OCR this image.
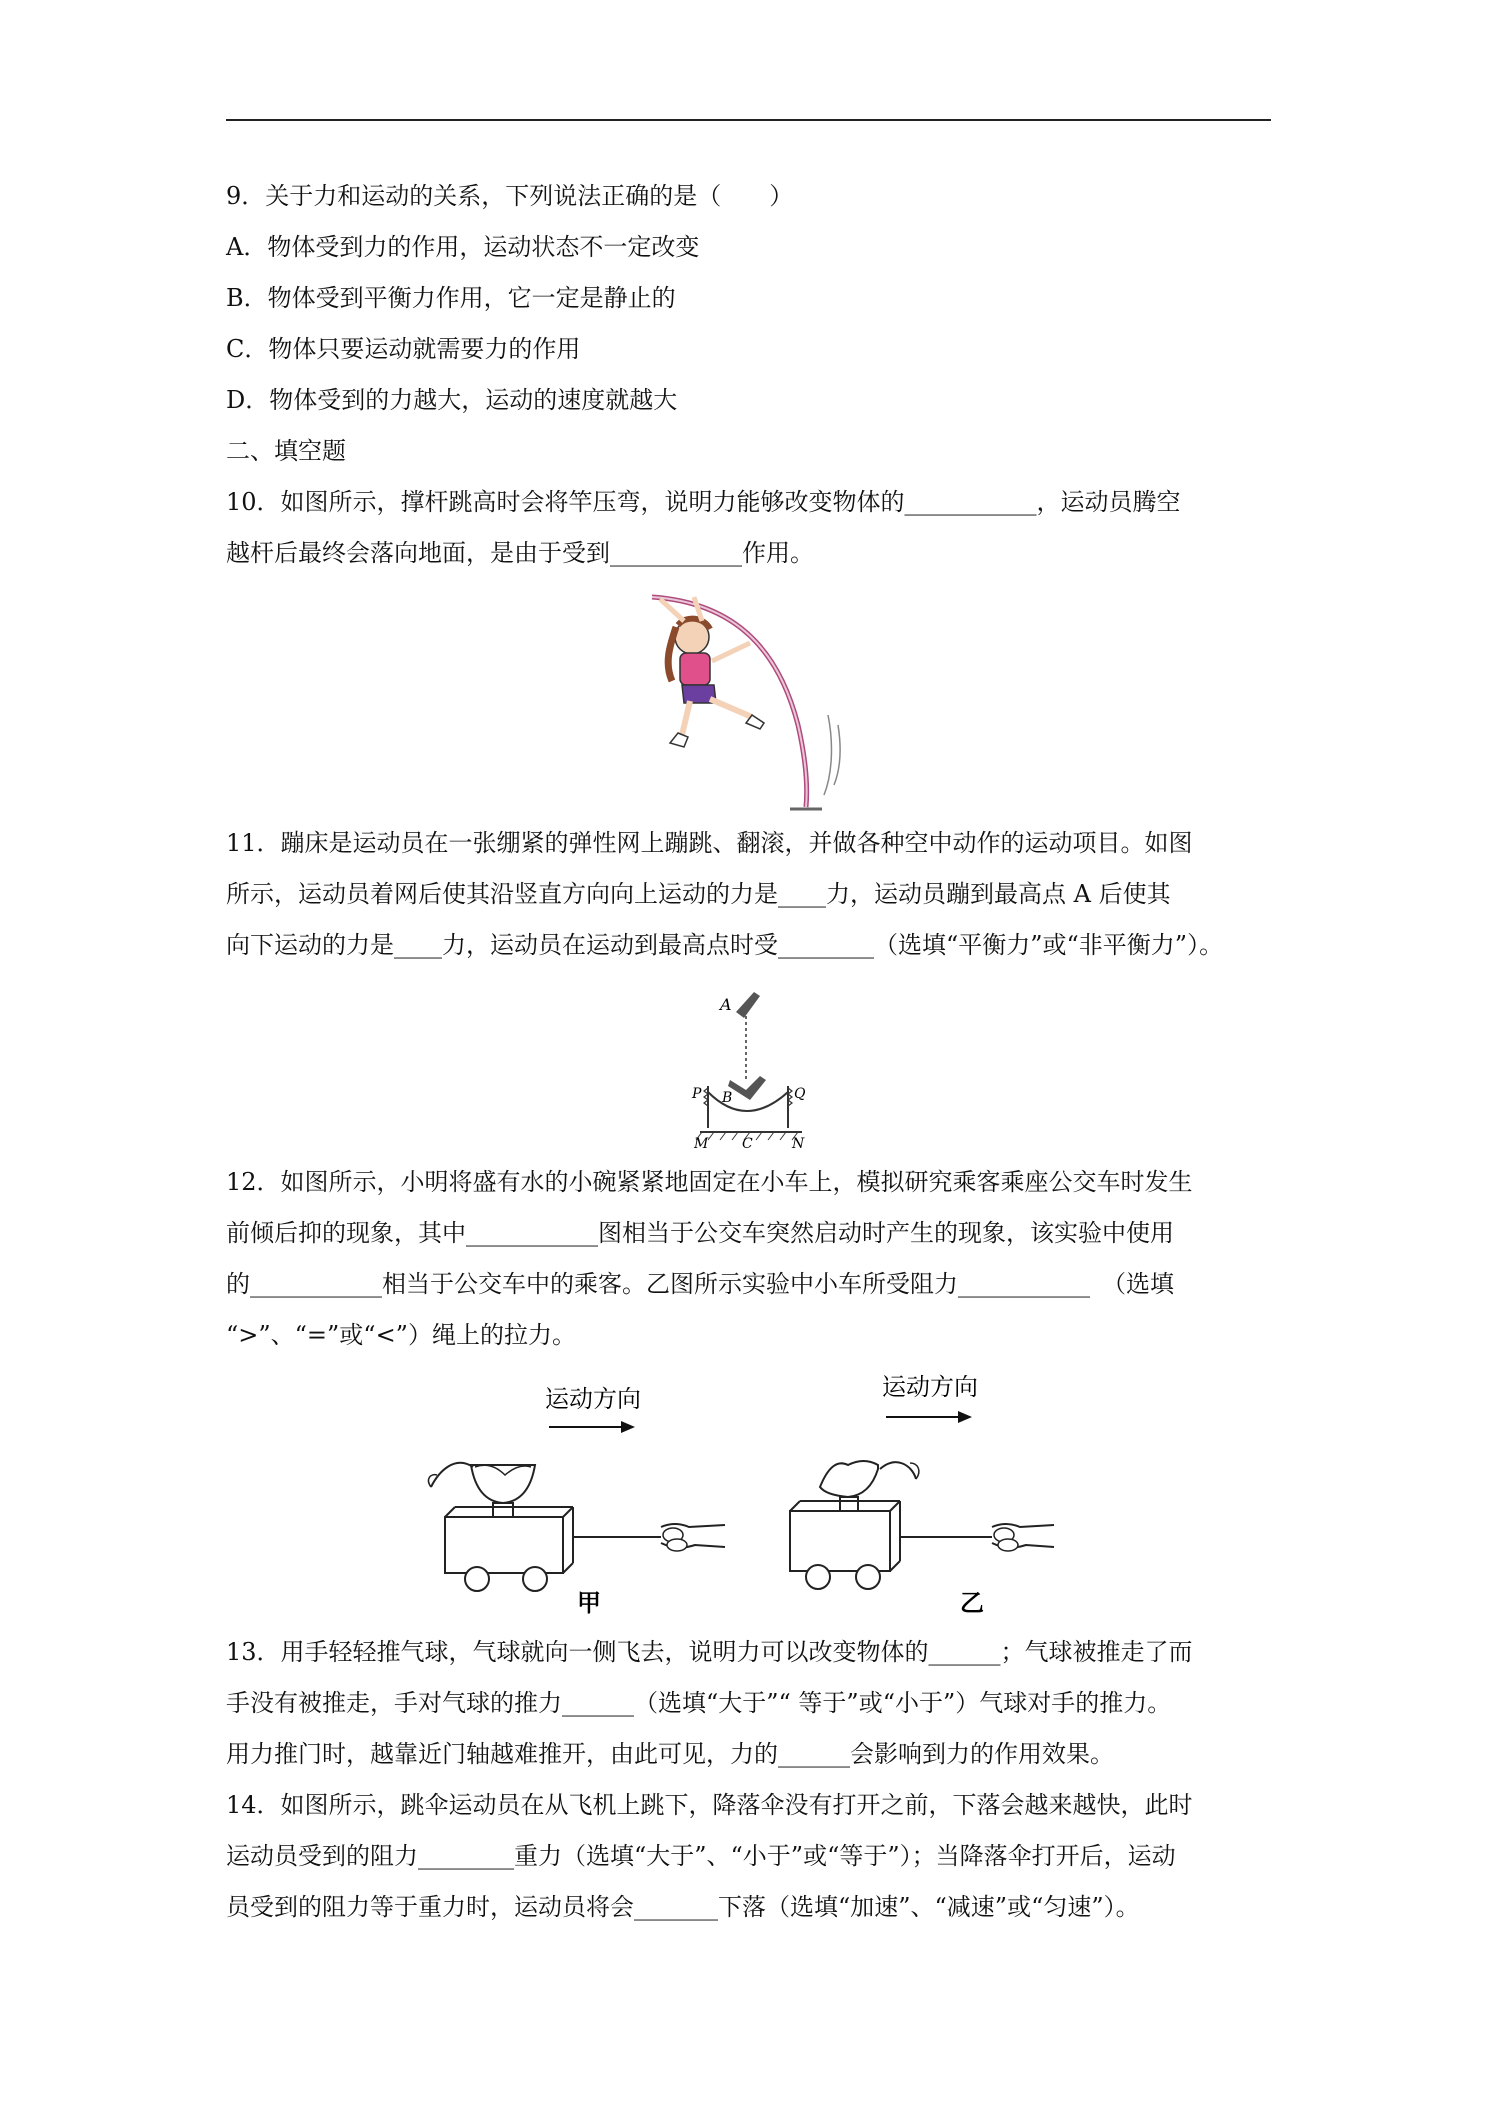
9．关于力和运动的关系，下列说法正确的是（　　）
A．物体受到力的作用，运动状态不一定改变
B．物体受到平衡力作用，它一定是静止的
C．物体只要运动就需要力的作用
D．物体受到的力越大，运动的速度就越大
二、填空题
10．如图所示，撑杆跳高时会将竿压弯，说明力能够改变物体的___________，运动员腾空
越杆后最终会落向地面，是由于受到___________作用。
11．蹦床是运动员在一张绷紧的弹性网上蹦跳、翻滚，并做各种空中动作的运动项目。如图
所示，运动员着网后使其沿竖直方向向上运动的力是____力，运动员蹦到最高点 A 后使其
向下运动的力是____力，运动员在运动到最高点时受________（选填“平衡力”或“非平衡力”）。
A
B
P	Q
M C	N
12．如图所示，小明将盛有水的小碗紧紧地固定在小车上，模拟研究乘客乘座公交车时发生
前倾后抑的现象，其中___________图相当于公交车突然启动时产生的现象，该实验中使用
的___________相当于公交车中的乘客。乙图所示实验中小车所受阻力___________　（选填
“>”、“=”或“<”）绳上的拉力。
运动方向
甲
运动方向
乙
13．用手轻轻推气球，气球就向一侧飞去，说明力可以改变物体的______；气球被推走了而
手没有被推走，手对气球的推力______（选填“大于”“ 等于”或“小于”）气球对手的推力。
用力推门时，越靠近门轴越难推开，由此可见，力的______会影响到力的作用效果。
14．如图所示，跳伞运动员在从飞机上跳下，降落伞没有打开之前，下落会越来越快，此时
运动员受到的阻力________重力（选填“大于”、“小于”或“等于”）；当降落伞打开后，运动
员受到的阻力等于重力时，运动员将会_______下落（选填“加速”、“减速”或“匀速”）。
